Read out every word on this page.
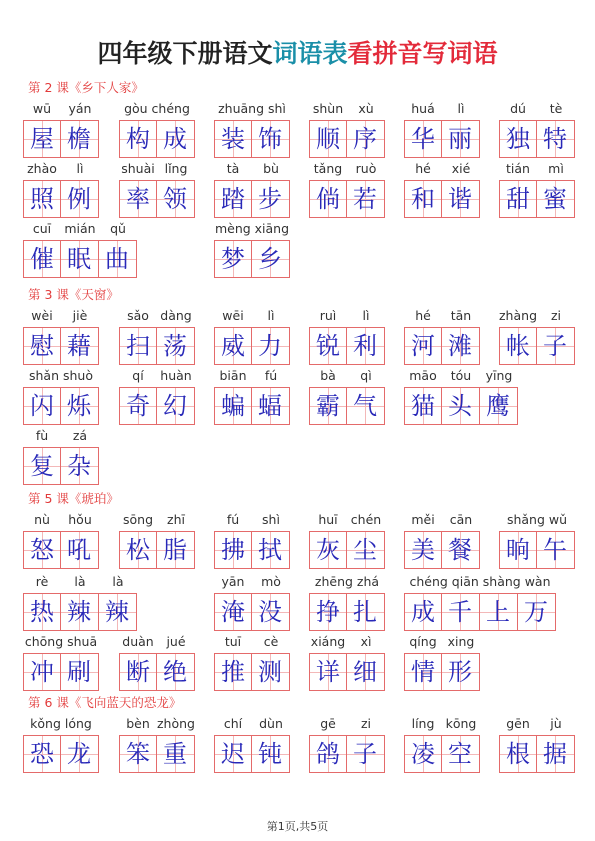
四年级下册语文词语表看拼音写词语
第 2 课《乡下人家》
wū	yán
屋 檐
gòu chéng
构 成
zhuāng shì
装 饰
shùn	xù
顺 序
huá	lì
华 丽
dú	tè
独 特
zhào	lì
照 例
shuài lǐng
率 领
tà	bù
踏 步
tǎng	ruò
倘 若
hé	xié
和 谐
tián	mì
甜 蜜
cuī	mián	qǔ
催 眠 曲
mèng xiāng
梦 乡
第 3 课《天窗》
wèi	jiè
慰 藉
sǎo dàng
扫 荡
wēi	lì
威 力
ruì	lì
锐 利
hé	tān
河 滩
zhàng	zi
帐 子
shǎn shuò
闪 烁
qí	huàn
奇 幻
biān	fú
蝙 蝠
bà	qì
霸 气
māo	tóu	yīng
猫 头 鹰
fù	zá
复 杂
第 5 课《琥珀》
nù	hǒu
怒 吼
sōng	zhī
松 脂
fú	shì
拂 拭
huī	chén
灰 尘
měi	cān
美 餐
shǎng wǔ
晌 午
rè	là	là
热 辣 辣
yān	mò
淹 没
zhēng zhá
挣 扎
chéng qiān shàng wàn
成 千 上 万
chōng shuā
冲 刷
duàn	jué
断 绝
tuī	cè
推 测
xiáng	xì
详 细
qíng xing
情 形
第 6 课《飞向蓝天的恐龙》
kǒng lóng
恐 龙
bèn zhòng
笨 重
chí	dùn
迟 钝
gē	zi
鸽 子
líng kōng
凌 空
gēn	jù
根 据
第1页,共5页
